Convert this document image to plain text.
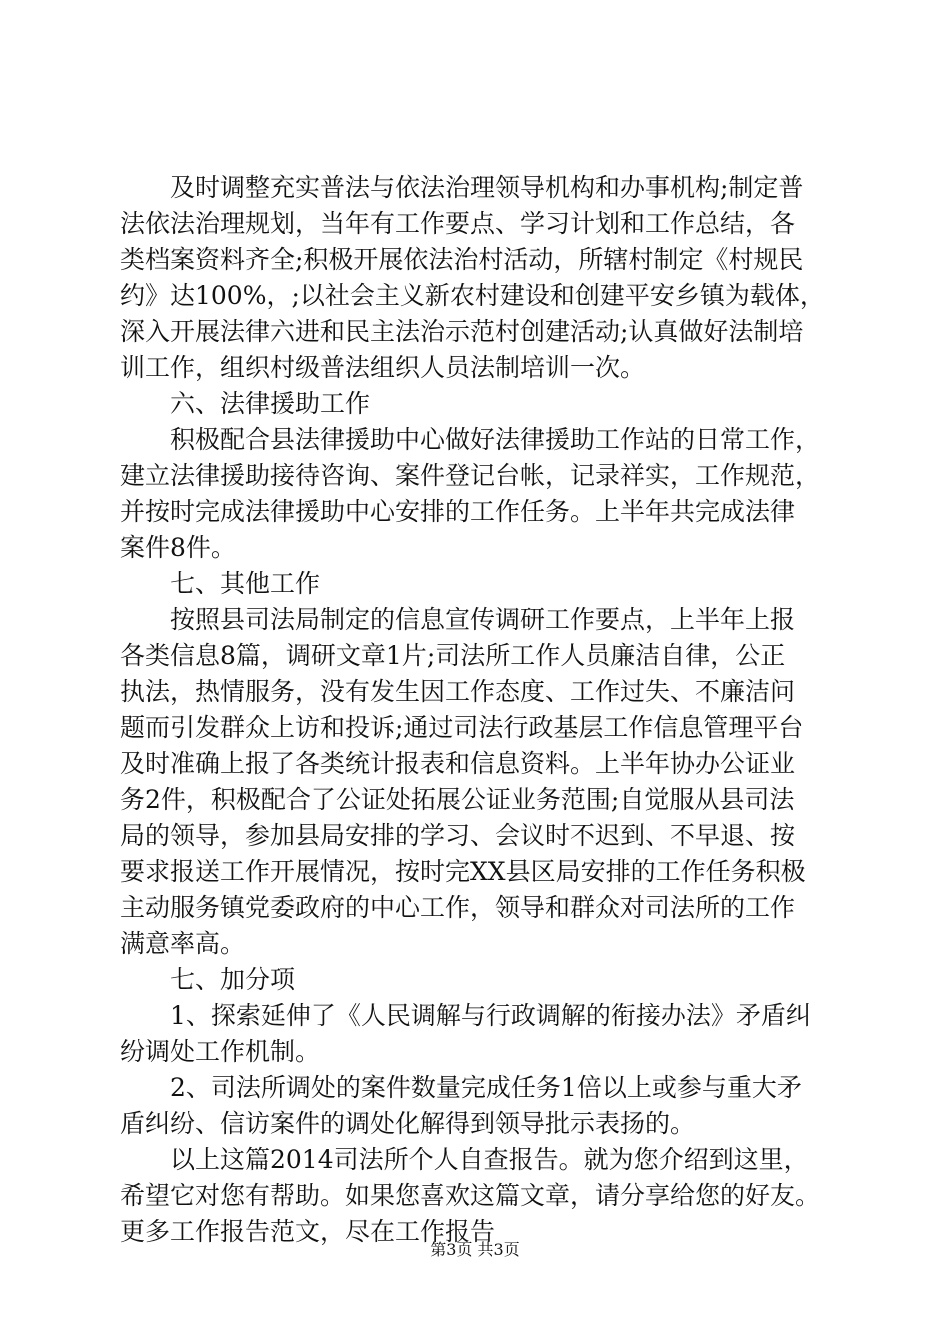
及时调整充实普法与依法治理领导机构和办事机构;制定普
法依法治理规划，当年有工作要点、学习计划和工作总结，各
类档案资料齐全;积极开展依法治村活动，所辖村制定《村规民
约》达100%，;以社会主义新农村建设和创建平安乡镇为载体，
深入开展法律六进和民主法治示范村创建活动;认真做好法制培
训工作，组织村级普法组织人员法制培训一次。

六、法律援助工作

积极配合县法律援助中心做好法律援助工作站的日常工作，
建立法律援助接待咨询、案件登记台帐，记录祥实，工作规范，
并按时完成法律援助中心安排的工作任务。上半年共完成法律
案件8件。

七、其他工作

按照县司法局制定的信息宣传调研工作要点，上半年上报
各类信息8篇，调研文章1片;司法所工作人员廉洁自律，公正
执法，热情服务，没有发生因工作态度、工作过失、不廉洁问
题而引发群众上访和投诉;通过司法行政基层工作信息管理平台
及时准确上报了各类统计报表和信息资料。上半年协办公证业
务2件，积极配合了公证处拓展公证业务范围;自觉服从县司法
局的领导，参加县局安排的学习、会议时不迟到、不早退、按
要求报送工作开展情况，按时完XX县区局安排的工作任务积极
主动服务镇党委政府的中心工作，领导和群众对司法所的工作
满意率高。

七、加分项

1、探索延伸了《人民调解与行政调解的衔接办法》矛盾纠
纷调处工作机制。

2、司法所调处的案件数量完成任务1倍以上或参与重大矛
盾纠纷、信访案件的调处化解得到领导批示表扬的。

以上这篇2014司法所个人自查报告。就为您介绍到这里，
希望它对您有帮助。如果您喜欢这篇文章，请分享给您的好友。
更多工作报告范文，尽在工作报告

第3页 共3页
